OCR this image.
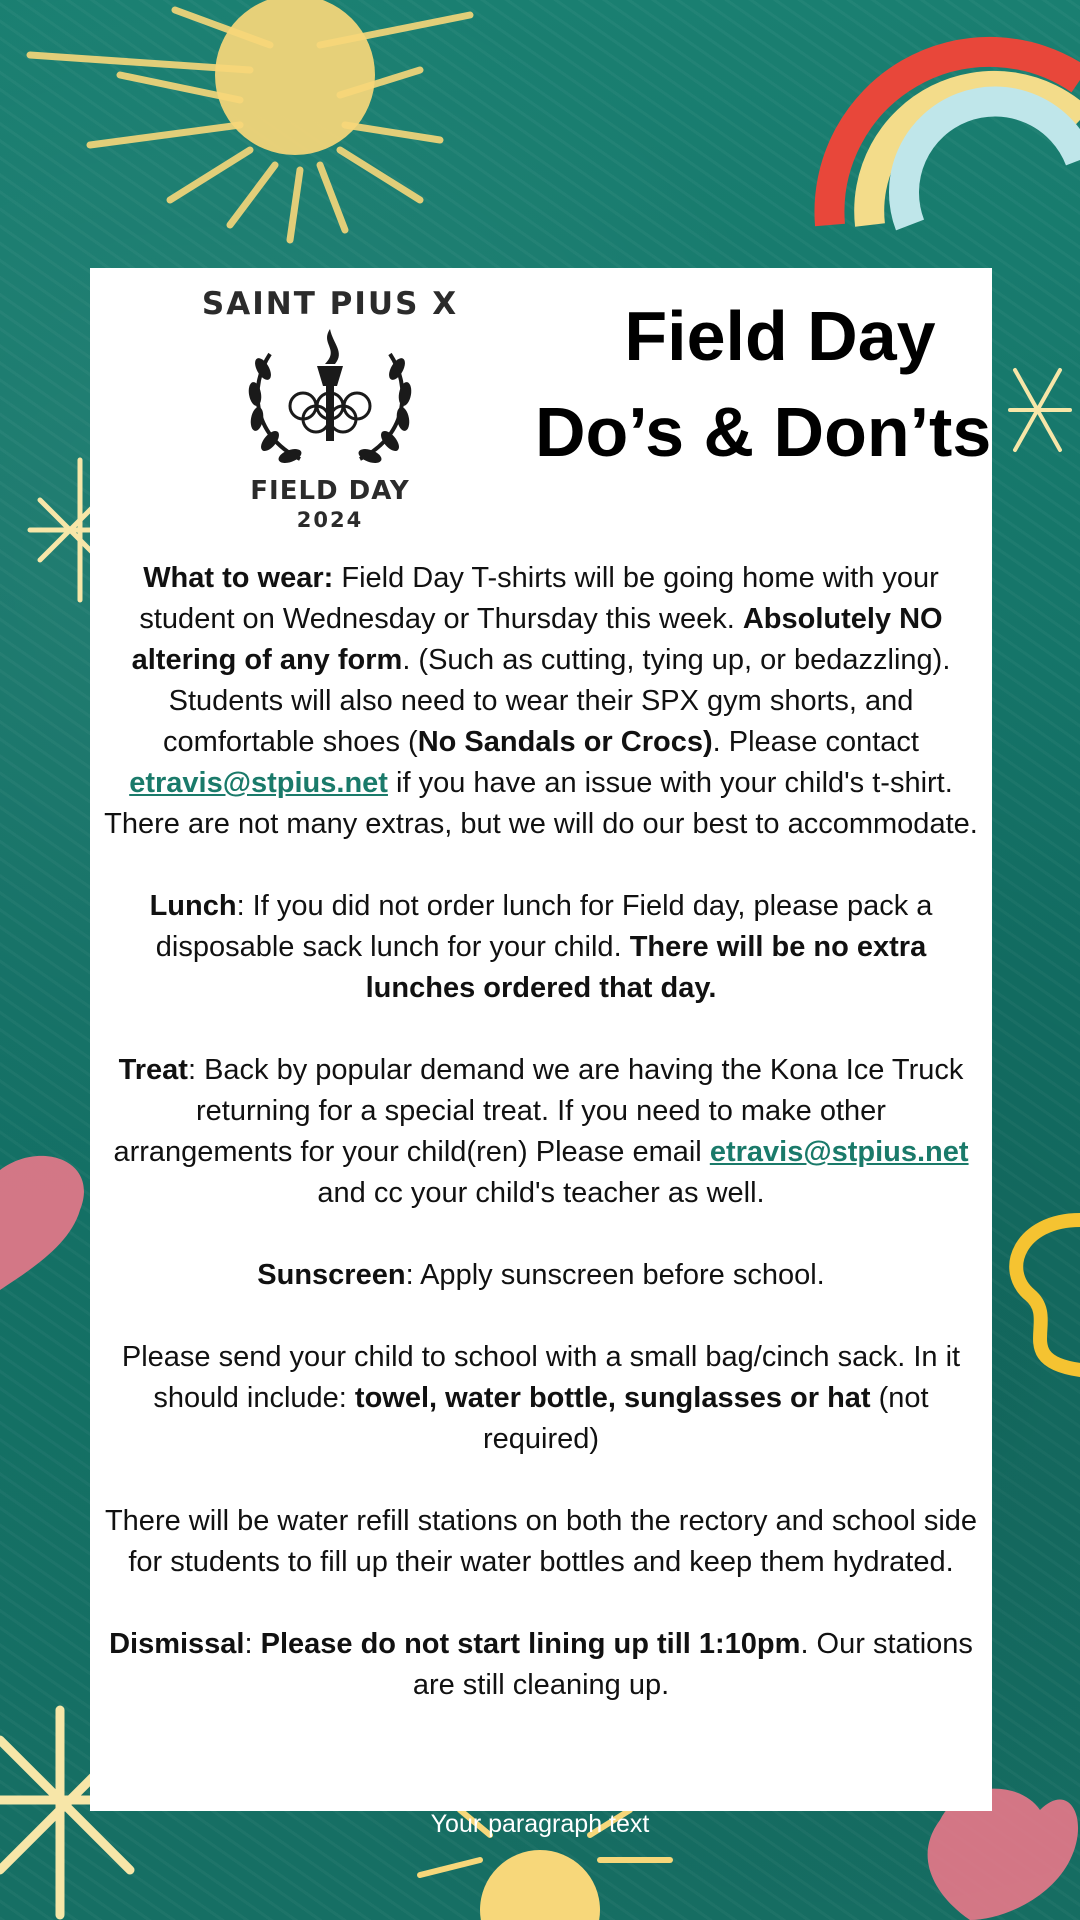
SAINT PIUS X
FIELD DAY
2024
Field Day
Do’s & Don’ts

What to wear: Field Day T-shirts will be going home with your student on Wednesday or Thursday this week. Absolutely NO altering of any form. (Such as cutting, tying up, or bedazzling). Students will also need to wear their SPX gym shorts, and comfortable shoes (No Sandals or Crocs). Please contact etravis@stpius.net if you have an issue with your child's t-shirt. There are not many extras, but we will do our best to accommodate.

Lunch: If you did not order lunch for Field day, please pack a disposable sack lunch for your child. There will be no extra lunches ordered that day.

Treat: Back by popular demand we are having the Kona Ice Truck returning for a special treat. If you need to make other arrangements for your child(ren) Please email etravis@stpius.net and cc your child's teacher as well.

Sunscreen: Apply sunscreen before school.

Please send your child to school with a small bag/cinch sack. In it should include: towel, water bottle, sunglasses or hat (not required)

There will be water refill stations on both the rectory and school side for students to fill up their water bottles and keep them hydrated.

Dismissal: Please do not start lining up till 1:10pm. Our stations are still cleaning up.

Your paragraph text
